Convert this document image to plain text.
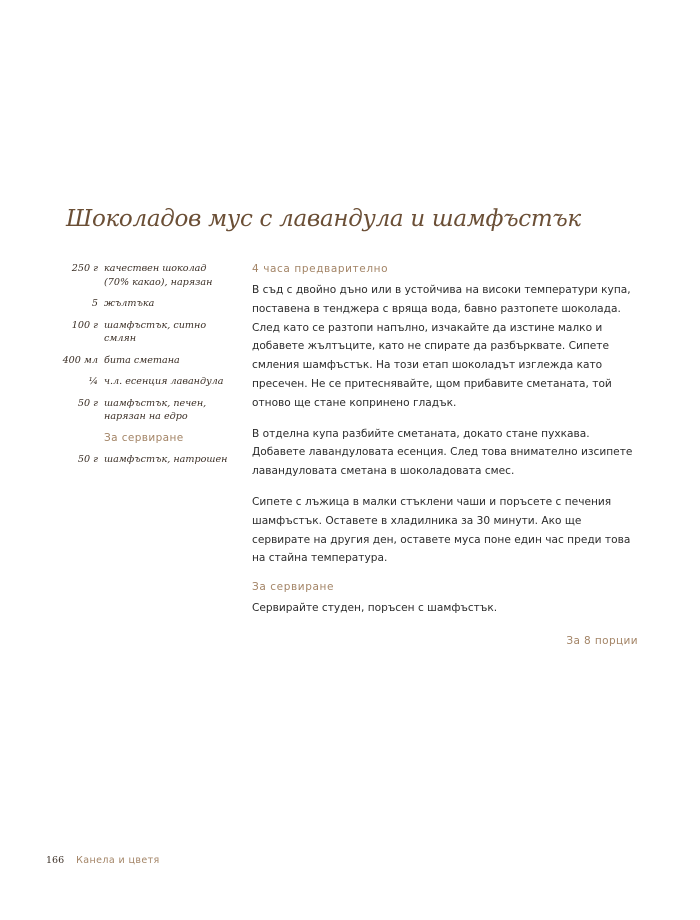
Шоколадов мус с лавандула и шамфъстък
250 г качествен шоколад (70% какао), нарязан
5 жълтъка
100 г шамфъстък, ситно смлян
400 мл бита сметана
¼ ч.л. есенция лавандула
50 г шамфъстък, печен, нарязан на едро
За сервиране
50 г шамфъстък, натрошен
4 часа предварително

В съд с двойно дъно или в устойчива на високи температури купа, поставена в тенджера с вряща вода, бавно разтопете шоколада. След като се разтопи напълно, изчакайте да изстине малко и добавете жълтъците, като не спирате да разбърквате. Сипете смления шамфъстък. На този етап шоколадът изглежда като пресечен. Не се притеснявайте, щом прибавите сметаната, той отново ще стане копринено гладък.

В отделна купа разбийте сметаната, докато стане пухкава. Добавете лавандуловата есенция. След това внимателно изсипете лавандуловата сметана в шоколадовата смес.

Сипете с лъжица в малки стъклени чаши и поръсете с печения шамфъстък. Оставете в хладилника за 30 минути. Ако ще сервирате на другия ден, оставете муса поне един час преди това на стайна температура.

За сервиране

Сервирайте студен, поръсен с шамфъстък.

За 8 порции
166 Канела и цветя
